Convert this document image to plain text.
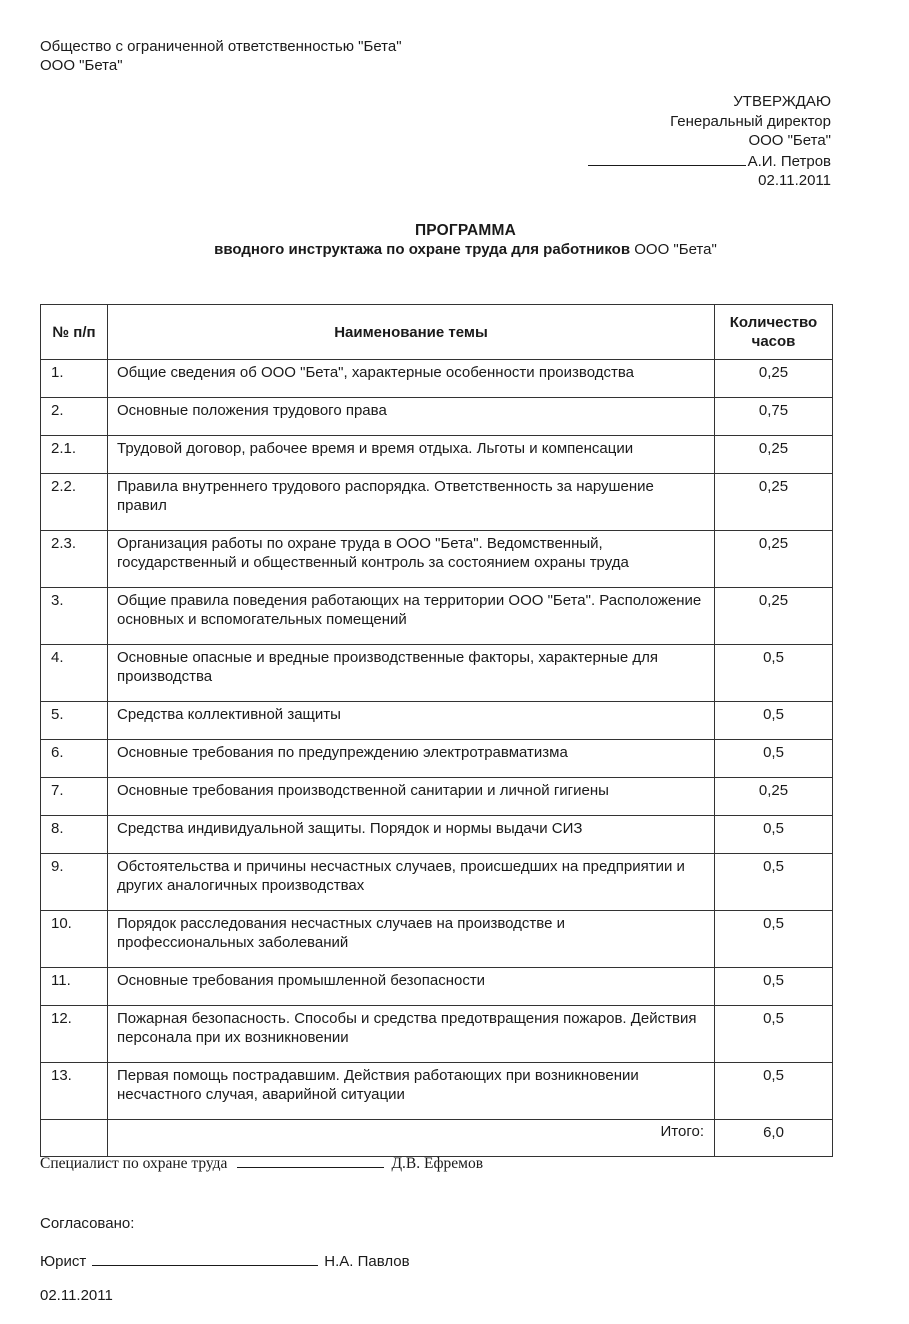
Общество с ограниченной ответственностью "Бета"
ООО "Бета"
УТВЕРЖДАЮ
Генеральный директор
ООО "Бета"
А.И. Петров
02.11.2011
ПРОГРАММА
вводного инструктажа по охране труда для работников ООО "Бета"
№ п/п	Наименование темы	Количество
часов
1.	Общие сведения об ООО "Бета", характерные особенности производства	0,25
2.	Основные положения трудового права	0,75
2.1.	Трудовой договор, рабочее время и время отдыха. Льготы и компенсации	0,25
2.2.	Правила внутреннего трудового распорядка. Ответственность за нарушение правил	0,25
2.3.	Организация работы по охране труда в ООО "Бета". Ведомственный, государственный и общественный контроль за состоянием охраны труда	0,25
3.	Общие правила поведения работающих на территории ООО "Бета". Расположение основных и вспомогательных помещений	0,25
4.	Основные опасные и вредные производственные факторы, характерные для производства	0,5
5.	Средства коллективной защиты	0,5
6.	Основные требования по предупреждению электротравматизма	0,5
7.	Основные требования производственной санитарии и личной гигиены	0,25
8.	Средства индивидуальной защиты. Порядок и нормы выдачи СИЗ	0,5
9.	Обстоятельства и причины несчастных случаев, происшедших на предприятии и других аналогичных производствах	0,5
10.	Порядок расследования несчастных случаев на производстве и профессиональных заболеваний	0,5
11.	Основные требования промышленной безопасности	0,5
12.	Пожарная безопасность. Способы и средства предотвращения пожаров. Действия персонала при их возникновении	0,5
13.	Первая помощь пострадавшим. Действия работающих при возникновении несчастного случая, аварийной ситуации	0,5
	Итого:	6,0
Специалист по охране труда	Д.В. Ефремов
Согласовано:
Юрист	Н.А. Павлов
02.11.2011
